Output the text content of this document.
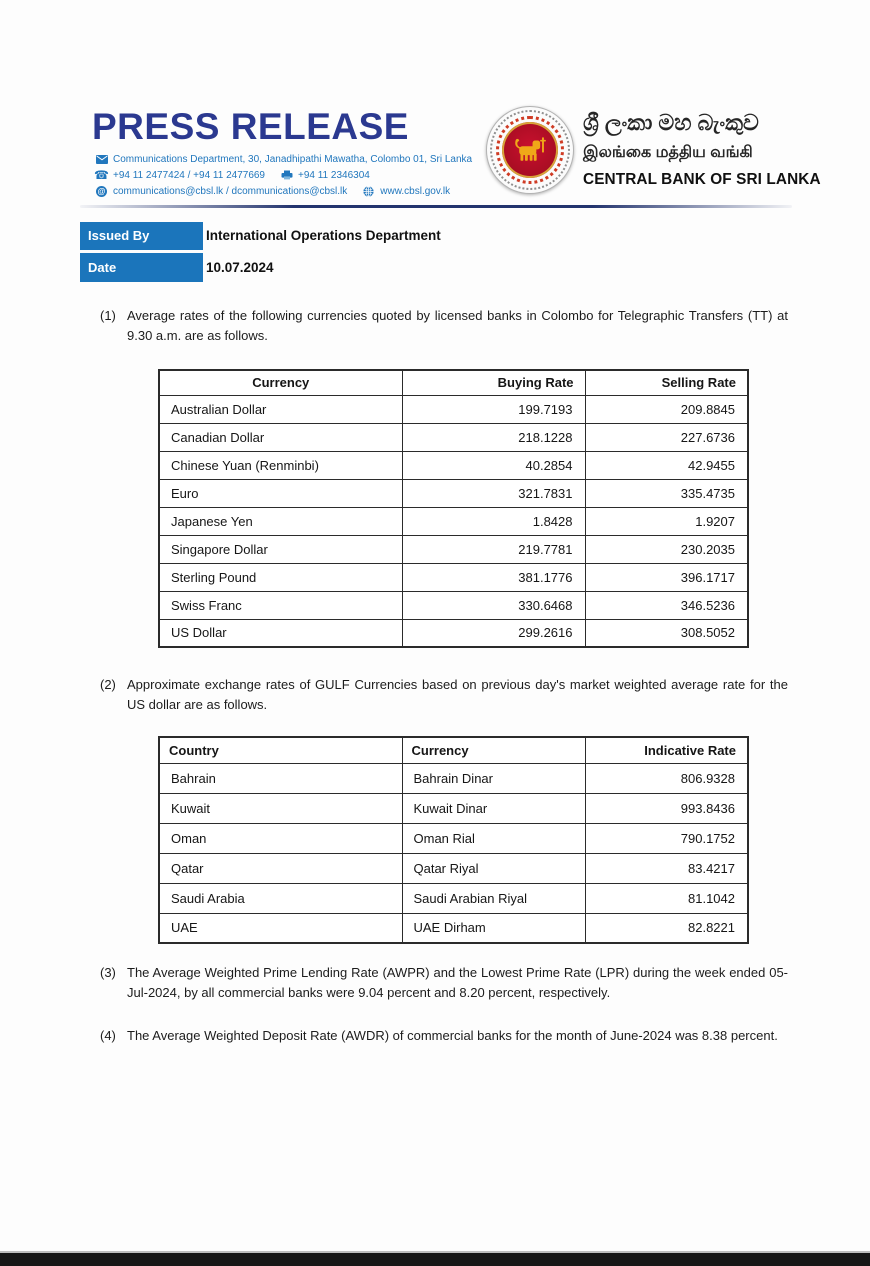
PRESS RELEASE
Communications Department, 30, Janadhipathi Mawatha, Colombo 01, Sri Lanka
☎ +94 11 2477424 / +94 11 2477669	+94 11 2346304
@ communications@cbsl.lk / dcommunications@cbsl.lk	www.cbsl.gov.lk
ශ්‍රී ලංකා මහ බැංකුව
இலங்கை மத்திய வங்கி
CENTRAL BANK OF SRI LANKA
Issued By	International Operations Department
Date	10.07.2024
(1) Average rates of the following currencies quoted by licensed banks in Colombo for Telegraphic Transfers (TT) at 9.30 a.m. are as follows.
Currency	Buying Rate	Selling Rate
Australian Dollar	199.7193	209.8845
Canadian Dollar	218.1228	227.6736
Chinese Yuan (Renminbi)	40.2854	42.9455
Euro	321.7831	335.4735
Japanese Yen	1.8428	1.9207
Singapore Dollar	219.7781	230.2035
Sterling Pound	381.1776	396.1717
Swiss Franc	330.6468	346.5236
US Dollar	299.2616	308.5052
(2) Approximate exchange rates of GULF Currencies based on previous day's market weighted average rate for the US dollar are as follows.
Country	Currency	Indicative Rate
Bahrain	Bahrain Dinar	806.9328
Kuwait	Kuwait Dinar	993.8436
Oman	Oman Rial	790.1752
Qatar	Qatar Riyal	83.4217
Saudi Arabia	Saudi Arabian Riyal	81.1042
UAE	UAE Dirham	82.8221
(3) The Average Weighted Prime Lending Rate (AWPR) and the Lowest Prime Rate (LPR) during the week ended 05-Jul-2024, by all commercial banks were 9.04 percent and 8.20 percent, respectively.
(4) The Average Weighted Deposit Rate (AWDR) of commercial banks for the month of June-2024 was 8.38 percent.
